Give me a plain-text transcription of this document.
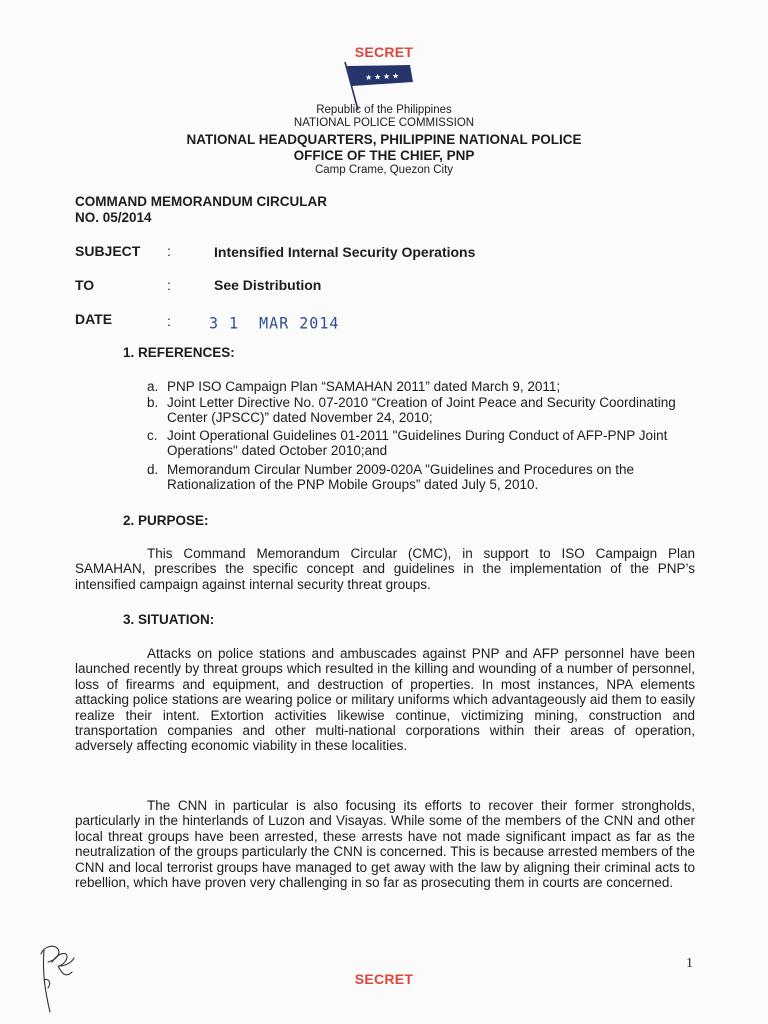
SECRET
★ ★ ★ ★
Republic of the Philippines
NATIONAL POLICE COMMISSION
NATIONAL HEADQUARTERS, PHILIPPINE NATIONAL POLICE
OFFICE OF THE CHIEF, PNP
Camp Crame, Quezon City
COMMAND MEMORANDUM CIRCULAR
NO. 05/2014
SUBJECT :	Intensified Internal Security Operations
TO	:	See Distribution
DATE	:	3 1  MAR 2014
1. REFERENCES:
a. PNP ISO Campaign Plan “SAMAHAN 2011” dated March 9, 2011;
b. Joint Letter Directive No. 07-2010 “Creation of Joint Peace and Security Coordinating Center (JPSCC)” dated November 24, 2010;
c. Joint Operational Guidelines 01-2011 "Guidelines During Conduct of AFP-PNP Joint Operations" dated October 2010;and
d. Memorandum Circular Number 2009-020A "Guidelines and Procedures on the Rationalization of the PNP Mobile Groups” dated July 5, 2010.
2. PURPOSE:
This Command Memorandum Circular (CMC), in support to ISO Campaign Plan SAMAHAN, prescribes the specific concept and guidelines in the implementation of the PNP’s intensified campaign against internal security threat groups.
3. SITUATION:
Attacks on police stations and ambuscades against PNP and AFP personnel have been launched recently by threat groups which resulted in the killing and wounding of a number of personnel, loss of firearms and equipment, and destruction of properties. In most instances, NPA elements attacking police stations are wearing police or military uniforms which advantageously aid them to easily realize their intent. Extortion activities likewise continue, victimizing mining, construction and transportation companies and other multi-national corporations within their areas of operation, adversely affecting economic viability in these localities.
The CNN in particular is also focusing its efforts to recover their former strongholds, particularly in the hinterlands of Luzon and Visayas. While some of the members of the CNN and other local threat groups have been arrested, these arrests have not made significant impact as far as the neutralization of the groups particularly the CNN is concerned. This is because arrested members of the CNN and local terrorist groups have managed to get away with the law by aligning their criminal acts to rebellion, which have proven very challenging in so far as prosecuting them in courts are concerned.
1
SECRET
